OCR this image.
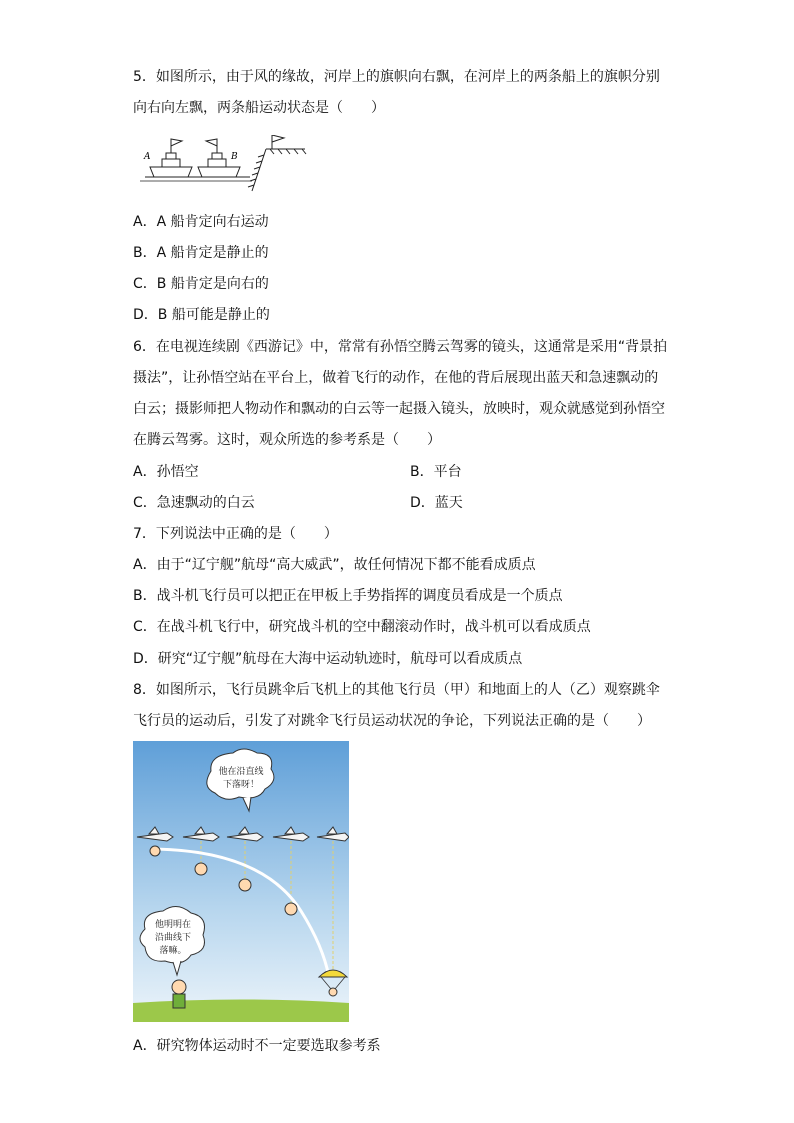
5．如图所示，由于风的缘故，河岸上的旗帜向右飘，在河岸上的两条船上的旗帜分别
向右向左飘，两条船运动状态是（　　）
A	B
A．A 船肯定向右运动
B．A 船肯定是静止的
C．B 船肯定是向右的
D．B 船可能是静止的
6．在电视连续剧《西游记》中，常常有孙悟空腾云驾雾的镜头，这通常是采用“背景拍
摄法”，让孙悟空站在平台上，做着飞行的动作，在他的背后展现出蓝天和急速飘动的
白云；摄影师把人物动作和飘动的白云等一起摄入镜头，放映时，观众就感觉到孙悟空
在腾云驾雾。这时，观众所选的参考系是（　　）
A．孙悟空	B．平台
C．急速飘动的白云	D．蓝天
7．下列说法中正确的是（　　）
A．由于“辽宁舰”航母“高大威武”，故任何情况下都不能看成质点
B．战斗机飞行员可以把正在甲板上手势指挥的调度员看成是一个质点
C．在战斗机飞行中，研究战斗机的空中翻滚动作时，战斗机可以看成质点
D．研究“辽宁舰”航母在大海中运动轨迹时，航母可以看成质点
8．如图所示，飞行员跳伞后飞机上的其他飞行员（甲）和地面上的人（乙）观察跳伞
飞行员的运动后，引发了对跳伞飞行员运动状况的争论，下列说法正确的是（　　）
他在沿直线
下落呀！
他明明在
沿曲线下
落嘛。
A．研究物体运动时不一定要选取参考系
